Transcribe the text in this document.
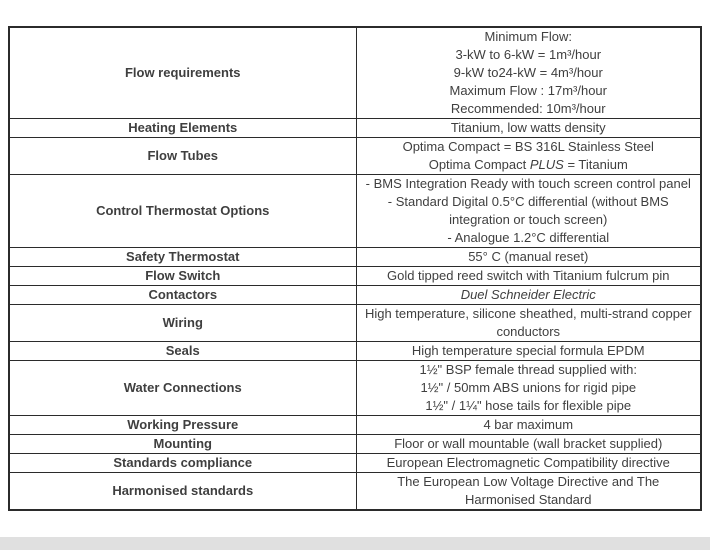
Flow requirements	Minimum Flow:
3-kW to 6-kW = 1m³/hour
9-kW to24-kW = 4m³/hour
Maximum Flow : 17m³/hour
Recommended: 10m³/hour

Heating Elements	Titanium, low watts density

Flow Tubes	Optima Compact = BS 316L Stainless Steel
Optima Compact PLUS = Titanium

Control Thermostat Options	- BMS Integration Ready with touch screen control panel
- Standard Digital 0.5°C differential (without BMS
integration or touch screen)
- Analogue 1.2°C differential

Safety Thermostat	55° C (manual reset)

Flow Switch	Gold tipped reed switch with Titanium fulcrum pin

Contactors	Duel Schneider Electric

Wiring	High temperature, silicone sheathed, multi-strand copper
conductors

Seals	High temperature special formula EPDM

Water Connections	1½" BSP female thread supplied with:
1½" / 50mm ABS unions for rigid pipe
1½" / 1¼" hose tails for flexible pipe

Working Pressure	4 bar maximum

Mounting	Floor or wall mountable (wall bracket supplied)

Standards compliance	European Electromagnetic Compatibility directive

Harmonised standards	The European Low Voltage Directive and The
Harmonised Standard
